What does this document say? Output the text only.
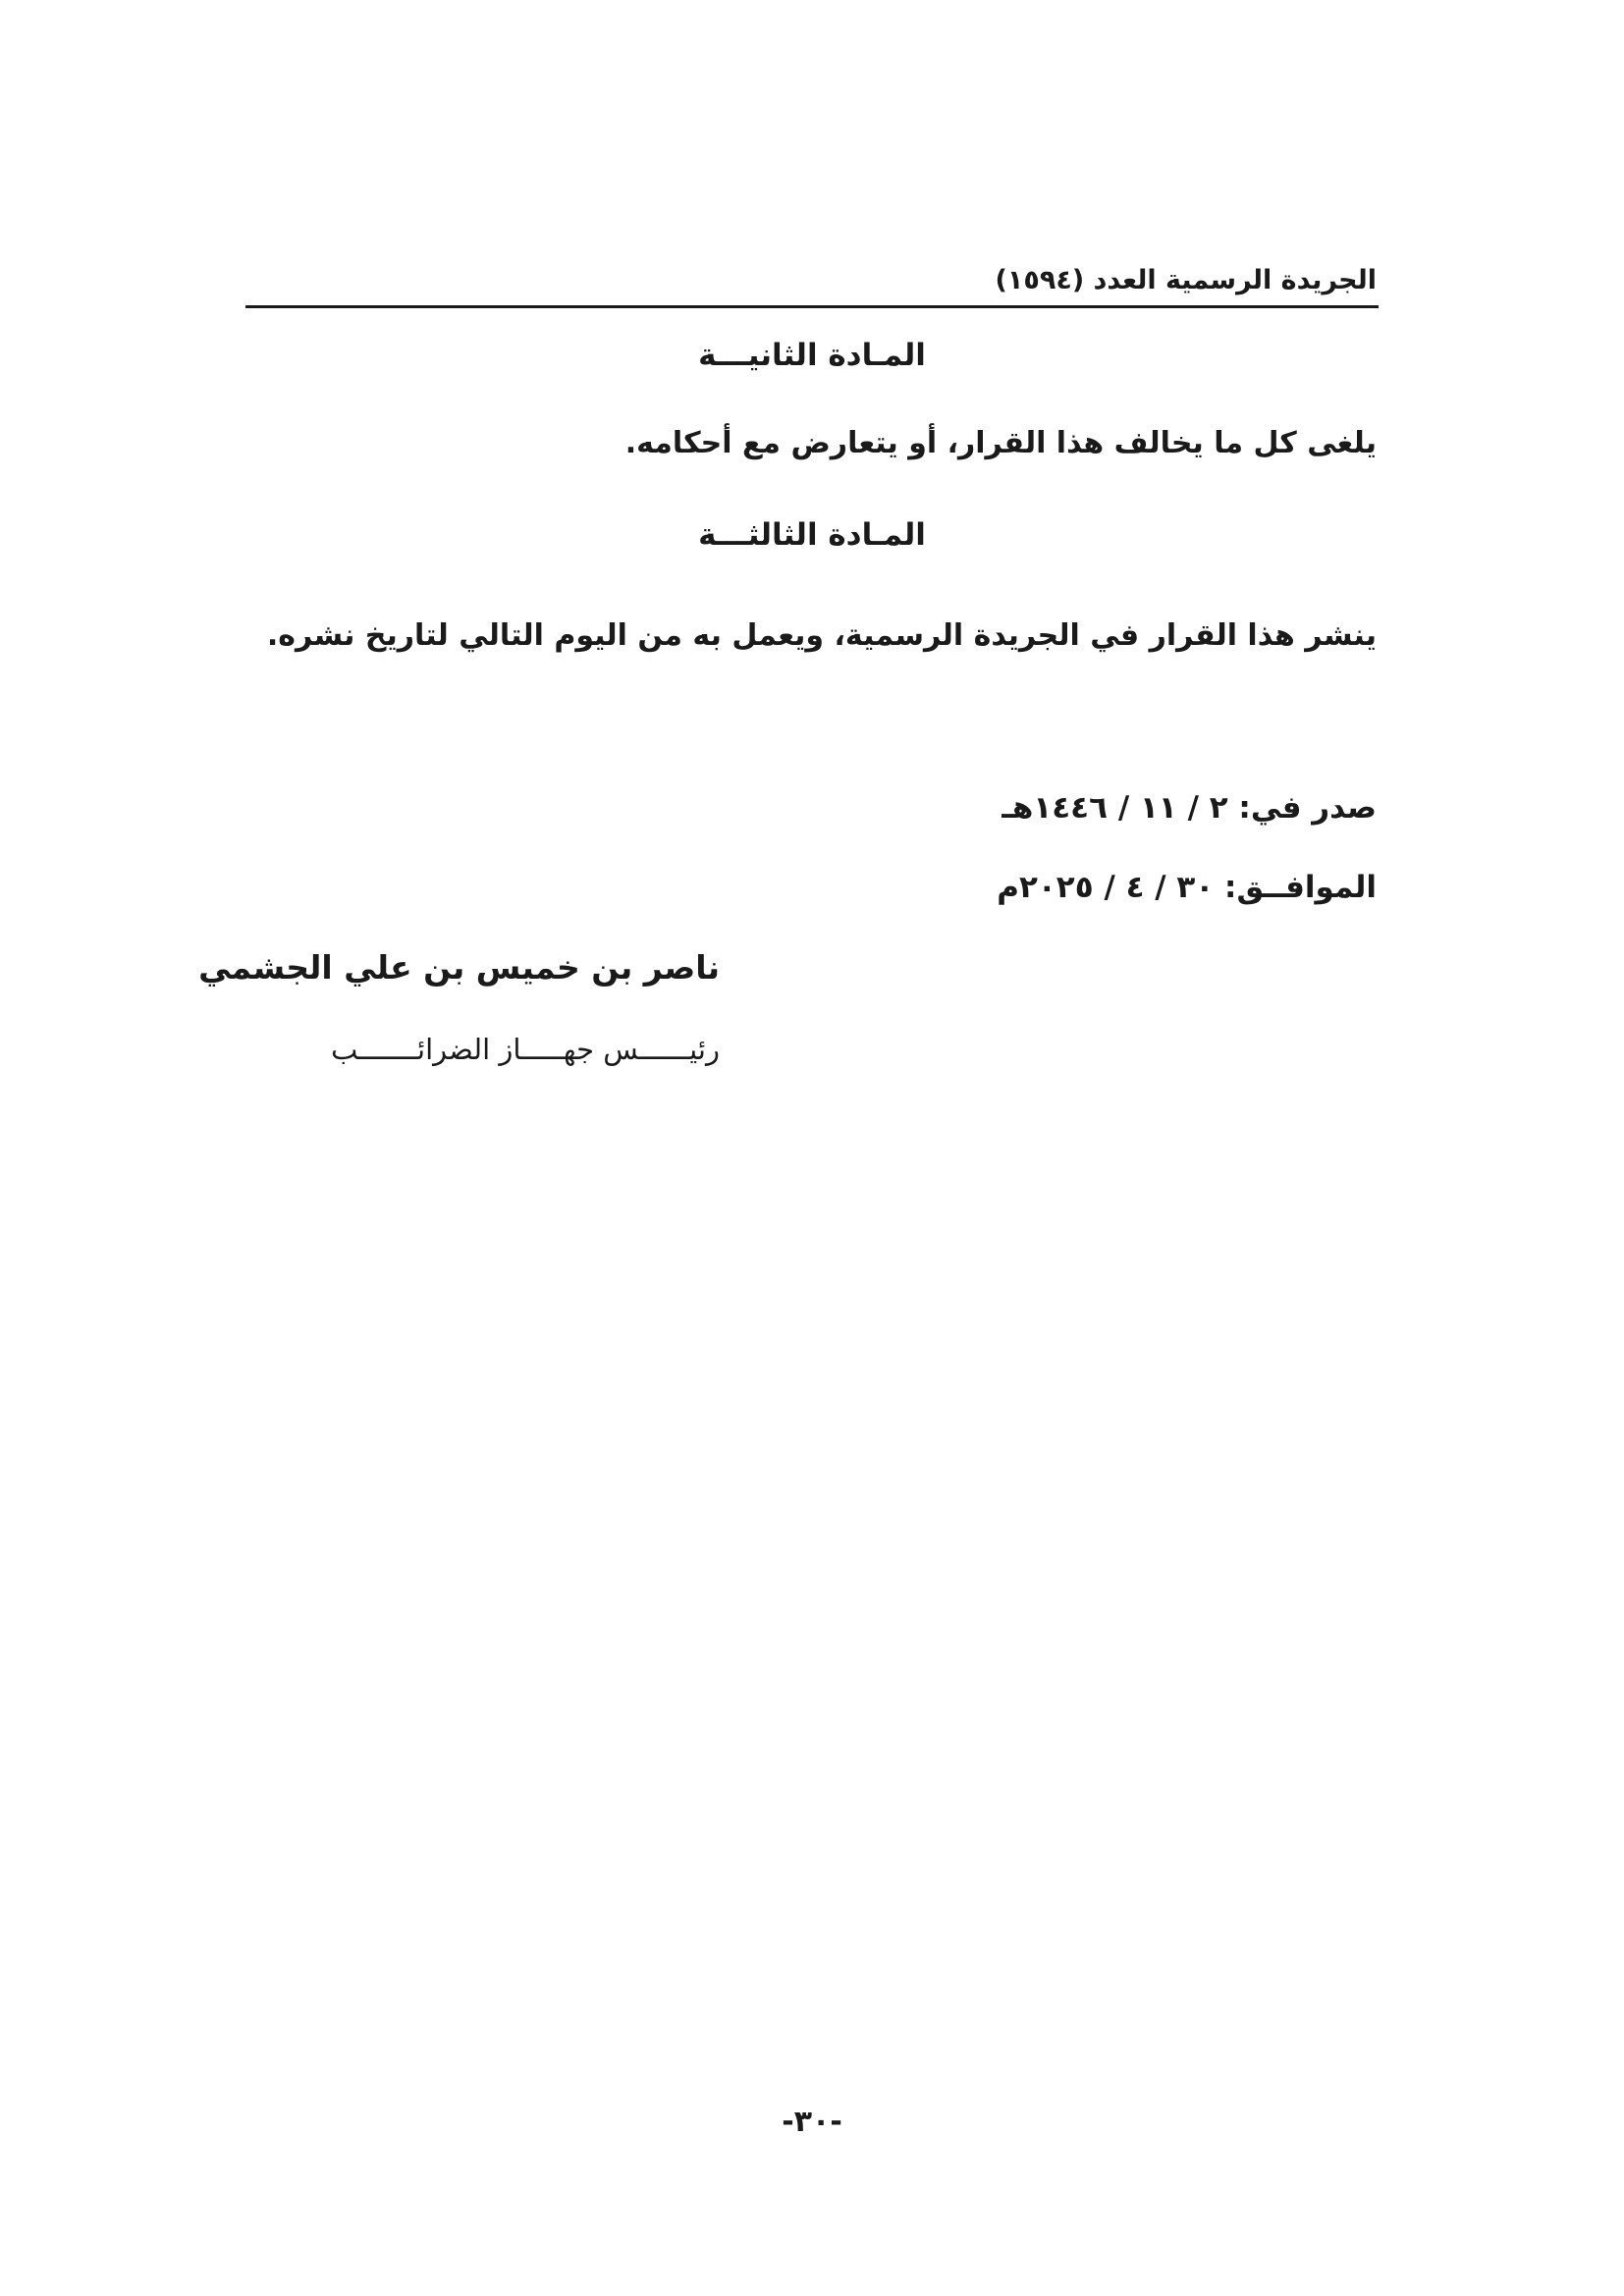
الجريدة الرسمية العدد (١٥٩٤)
المـادة الثانيـــة
يلغى كل ما يخالف هذا القرار، أو يتعارض مع أحكامه.
المـادة الثالثـــة
ينشر هذا القرار في الجريدة الرسمية، ويعمل به من اليوم التالي لتاريخ نشره.
صدر في: ٢ / ١١ / ١٤٤٦هـ
الموافــق: ٣٠ / ٤ / ٢٠٢٥م
ناصر بن خميس بن علي الجشمي
رئيــــــس جهـــــاز الضرائـــــــب
-٣٠-
